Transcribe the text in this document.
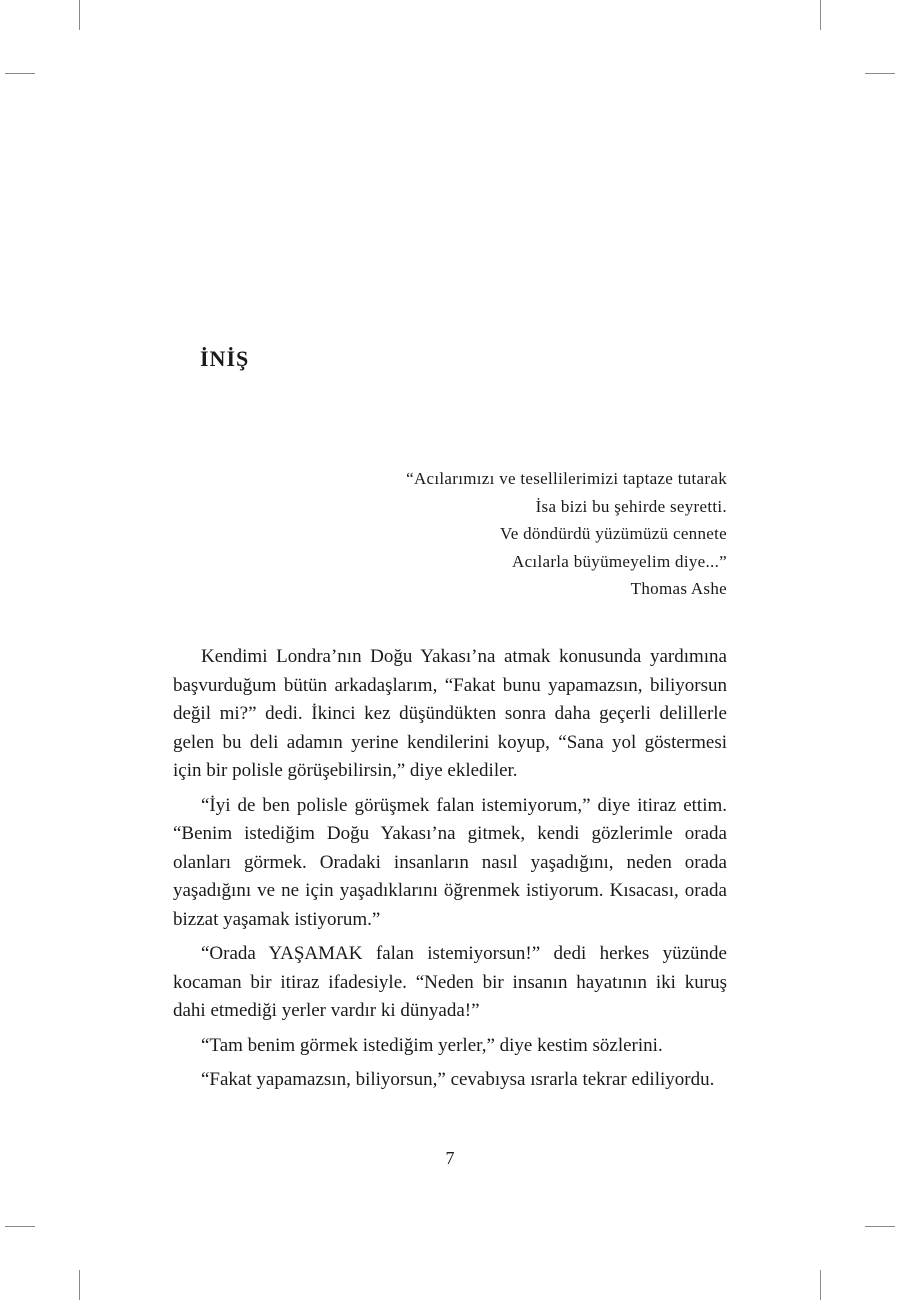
İNİŞ
“Acılarımızı ve tesellilerimizi taptaze tutarak
İsa bizi bu şehirde seyretti.
Ve döndürdü yüzümüzü cennete
Acılarla büyümeyelim diye...”
Thomas Ashe

Kendimi Londra’nın Doğu Yakası’na atmak konusunda yardımına başvurduğum bütün arkadaşlarım, “Fakat bunu yapamazsın, biliyorsun değil mi?” dedi. İkinci kez düşündükten sonra daha geçerli delillerle gelen bu deli adamın yerine kendilerini koyup, “Sana yol göstermesi için bir polisle görüşebilirsin,” diye eklediler.

“İyi de ben polisle görüşmek falan istemiyorum,” diye itiraz ettim. “Benim istediğim Doğu Yakası’na gitmek, kendi gözlerimle orada olanları görmek. Oradaki insanların nasıl yaşadığını, neden orada yaşadığını ve ne için yaşadıklarını öğrenmek istiyorum. Kısacası, orada bizzat yaşamak istiyorum.”

“Orada YAŞAMAK falan istemiyorsun!” dedi herkes yüzünde kocaman bir itiraz ifadesiyle. “Neden bir insanın hayatının iki kuruş dahi etmediği yerler vardır ki dünyada!”

“Tam benim görmek istediğim yerler,” diye kestim sözlerini.

“Fakat yapamazsın, biliyorsun,” cevabıysa ısrarla tekrar ediliyordu.

7
